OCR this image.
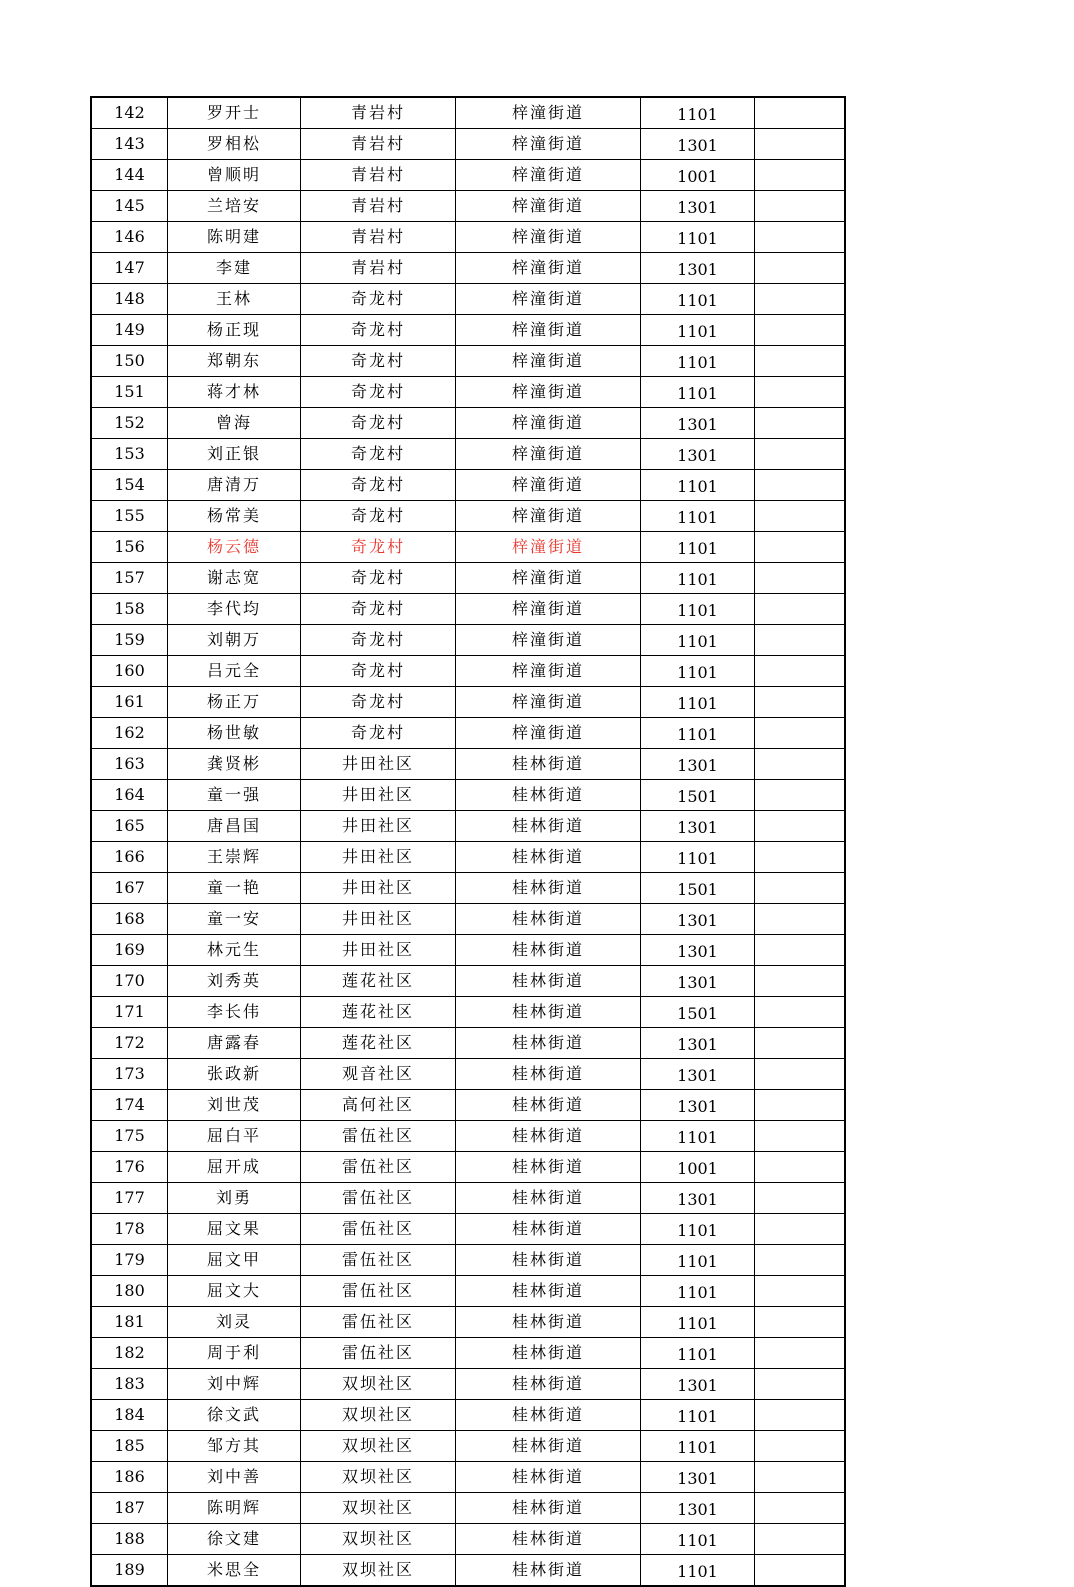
142	罗开士	青岩村	梓潼街道	1101	
143	罗相松	青岩村	梓潼街道	1301	
144	曾顺明	青岩村	梓潼街道	1001	
145	兰培安	青岩村	梓潼街道	1301	
146	陈明建	青岩村	梓潼街道	1101	
147	李建	青岩村	梓潼街道	1301	
148	王林	奇龙村	梓潼街道	1101	
149	杨正现	奇龙村	梓潼街道	1101	
150	郑朝东	奇龙村	梓潼街道	1101	
151	蒋才林	奇龙村	梓潼街道	1101	
152	曾海	奇龙村	梓潼街道	1301	
153	刘正银	奇龙村	梓潼街道	1301	
154	唐清万	奇龙村	梓潼街道	1101	
155	杨常美	奇龙村	梓潼街道	1101	
156	杨云德	奇龙村	梓潼街道	1101	
157	谢志宽	奇龙村	梓潼街道	1101	
158	李代均	奇龙村	梓潼街道	1101	
159	刘朝万	奇龙村	梓潼街道	1101	
160	吕元全	奇龙村	梓潼街道	1101	
161	杨正万	奇龙村	梓潼街道	1101	
162	杨世敏	奇龙村	梓潼街道	1101	
163	龚贤彬	井田社区	桂林街道	1301	
164	童一强	井田社区	桂林街道	1501	
165	唐昌国	井田社区	桂林街道	1301	
166	王崇辉	井田社区	桂林街道	1101	
167	童一艳	井田社区	桂林街道	1501	
168	童一安	井田社区	桂林街道	1301	
169	林元生	井田社区	桂林街道	1301	
170	刘秀英	莲花社区	桂林街道	1301	
171	李长伟	莲花社区	桂林街道	1501	
172	唐露春	莲花社区	桂林街道	1301	
173	张政新	观音社区	桂林街道	1301	
174	刘世茂	高何社区	桂林街道	1301	
175	屈白平	雷伍社区	桂林街道	1101	
176	屈开成	雷伍社区	桂林街道	1001	
177	刘勇	雷伍社区	桂林街道	1301	
178	屈文果	雷伍社区	桂林街道	1101	
179	屈文甲	雷伍社区	桂林街道	1101	
180	屈文大	雷伍社区	桂林街道	1101	
181	刘灵	雷伍社区	桂林街道	1101	
182	周于利	雷伍社区	桂林街道	1101	
183	刘中辉	双坝社区	桂林街道	1301	
184	徐文武	双坝社区	桂林街道	1101	
185	邹方其	双坝社区	桂林街道	1101	
186	刘中善	双坝社区	桂林街道	1301	
187	陈明辉	双坝社区	桂林街道	1301	
188	徐文建	双坝社区	桂林街道	1101	
189	米思全	双坝社区	桂林街道	1101	
